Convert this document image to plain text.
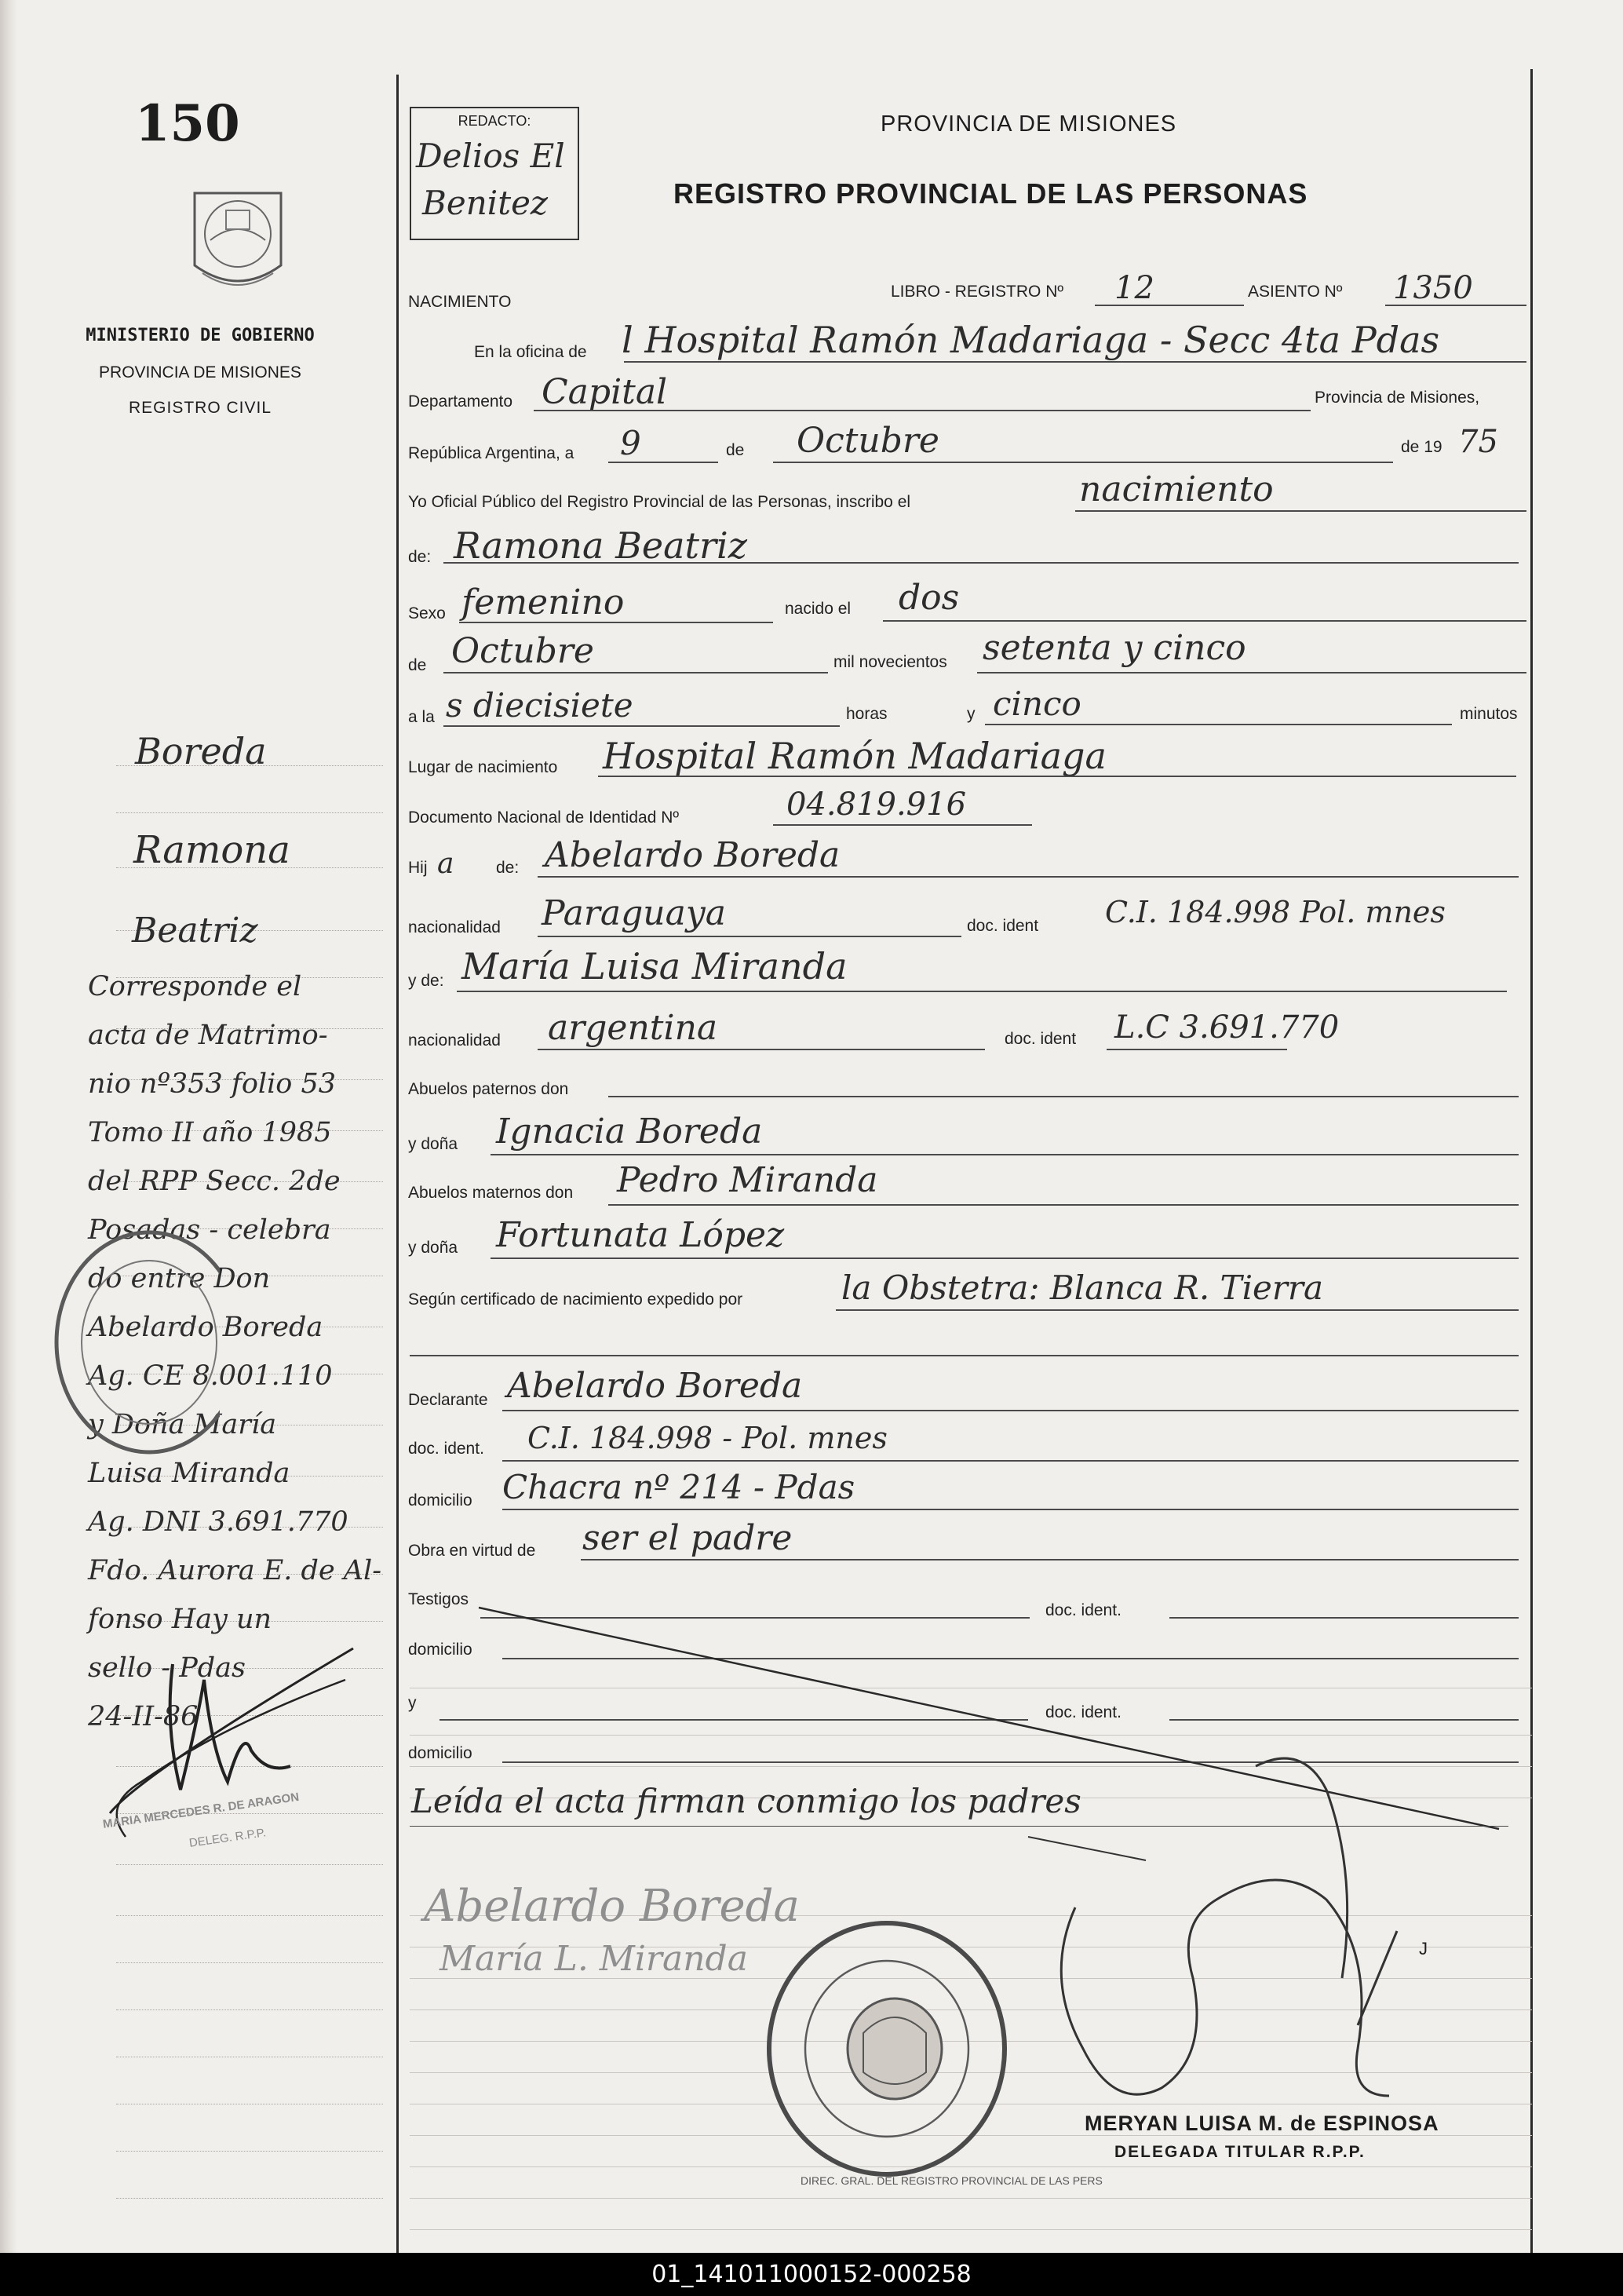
150
MINISTERIO DE GOBIERNO
PROVINCIA DE MISIONES
REGISTRO CIVIL
REDACTO:
Delios El
Benitez
PROVINCIA DE MISIONES
REGISTRO PROVINCIAL DE LAS PERSONAS
NACIMIENTO
LIBRO - REGISTRO Nº 12	ASIENTO Nº 1350
En la oficina de l Hospital Ramón Madariaga - Secc 4ta Pdas
Departamento Capital	Provincia de Misiones,
República Argentina, a 9	de Octubre	de 19 75
Yo Oficial Público del Registro Provincial de las Personas, inscribo el	nacimiento
de: Ramona Beatriz
Sexo femenino	nacido el dos
de Octubre	mil novecientos setenta y cinco
a la s diecisiete	horas	y cinco	minutos
Lugar de nacimiento Hospital Ramón Madariaga
Documento Nacional de Identidad Nº	04.819.916
Hij a	de: Abelardo Boreda
nacionalidad Paraguaya	doc. ident C.I. 184.998 Pol. mnes
y de: María Luisa Miranda
nacionalidad argentina	doc. ident L.C 3.691.770
Abuelos paternos don
y doña Ignacia Boreda
Abuelos maternos don Pedro Miranda
y doña Fortunata López
Según certificado de nacimiento expedido por	la Obstetra: Blanca R. Tierra
Declarante Abelardo Boreda
doc. ident. C.I. 184.998 - Pol. mnes
domicilio Chacra nº 214 - Pdas
Obra en virtud de ser el padre
Testigos
doc. ident.
domicilio
y
doc. ident.
domicilio
Leída el acta firman conmigo los padres
Abelardo Boreda
María L. Miranda	J
DIREC. GRAL. DEL REGISTRO PROVINCIAL DE LAS PERS
MERYAN LUISA M. de ESPINOSA
DELEGADA TITULAR R.P.P.
Boreda
Ramona
Beatriz
Corresponde el
acta de Matrimo-
nio nº353 folio 53
Tomo II año 1985
del RPP Secc. 2de
Posadas - celebra
do entre Don
Abelardo Boreda
Ag. CE 8.001.110
y Doña María
Luisa Miranda
Ag. DNI 3.691.770
Fdo. Aurora E. de Al-
fonso Hay un
sello - Pdas
24-II-86
MARIA MERCEDES R. DE ARAGON
DELEG. R.P.P.
01_141011000152-000258
